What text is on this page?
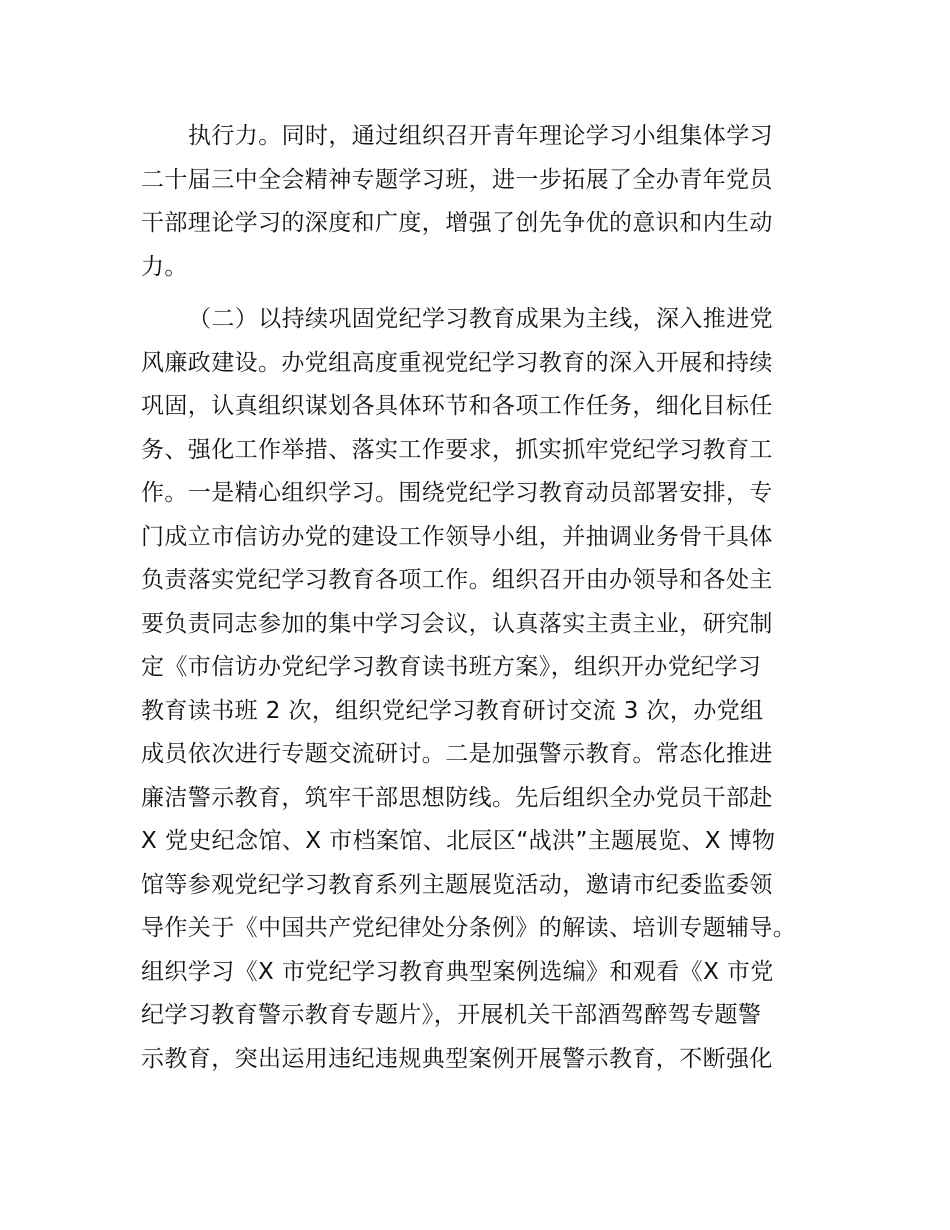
执行力。同时，通过组织召开青年理论学习小组集体学习
二十届三中全会精神专题学习班，进一步拓展了全办青年党员
干部理论学习的深度和广度，增强了创先争优的意识和内生动
力。
（二）以持续巩固党纪学习教育成果为主线，深入推进党
风廉政建设。办党组高度重视党纪学习教育的深入开展和持续
巩固，认真组织谋划各具体环节和各项工作任务，细化目标任
务、强化工作举措、落实工作要求，抓实抓牢党纪学习教育工
作。一是精心组织学习。围绕党纪学习教育动员部署安排，专
门成立市信访办党的建设工作领导小组，并抽调业务骨干具体
负责落实党纪学习教育各项工作。组织召开由办领导和各处主
要负责同志参加的集中学习会议，认真落实主责主业，研究制
定《市信访办党纪学习教育读书班方案》，组织开办党纪学习
教育读书班 2 次，组织党纪学习教育研讨交流 3 次，办党组
成员依次进行专题交流研讨。二是加强警示教育。常态化推进
廉洁警示教育，筑牢干部思想防线。先后组织全办党员干部赴
X 党史纪念馆、X 市档案馆、北辰区“战洪”主题展览、X 博物
馆等参观党纪学习教育系列主题展览活动，邀请市纪委监委领
导作关于《中国共产党纪律处分条例》的解读、培训专题辅导。
组织学习《X 市党纪学习教育典型案例选编》和观看《X 市党
纪学习教育警示教育专题片》，开展机关干部酒驾醉驾专题警
示教育，突出运用违纪违规典型案例开展警示教育，不断强化
